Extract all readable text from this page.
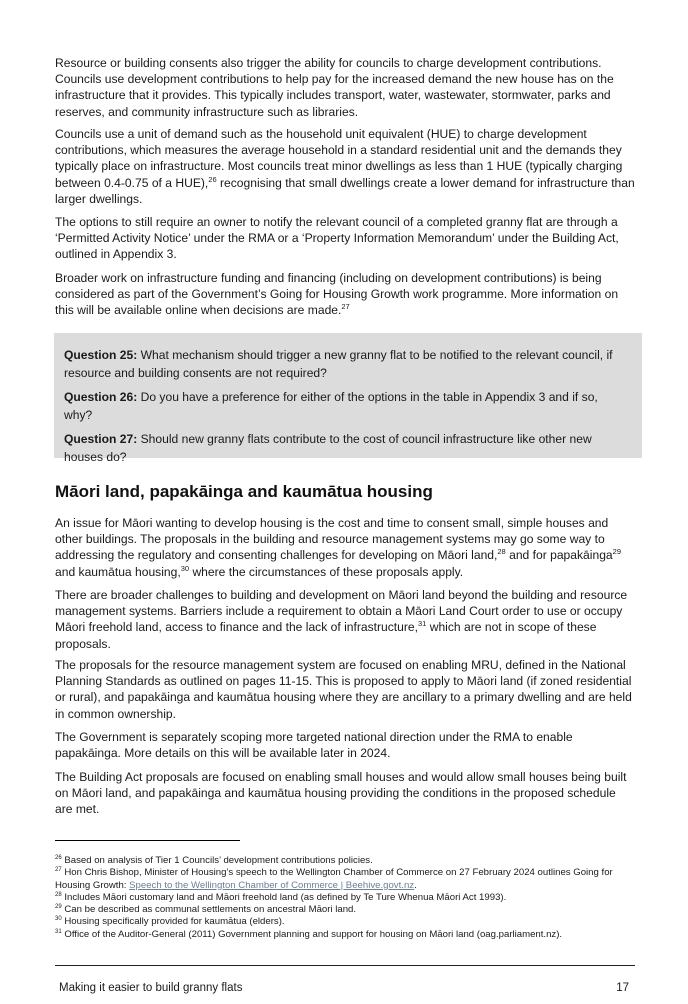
Resource or building consents also trigger the ability for councils to charge development contributions. Councils use development contributions to help pay for the increased demand the new house has on the infrastructure that it provides. This typically includes transport, water, wastewater, stormwater, parks and reserves, and community infrastructure such as libraries.

Councils use a unit of demand such as the household unit equivalent (HUE) to charge development contributions, which measures the average household in a standard residential unit and the demands they typically place on infrastructure. Most councils treat minor dwellings as less than 1 HUE (typically charging between 0.4-0.75 of a HUE),$^{26}$ recognising that small dwellings create a lower demand for infrastructure than larger dwellings.

The options to still require an owner to notify the relevant council of a completed granny flat are through a ‘Permitted Activity Notice’ under the RMA or a ‘Property Information Memorandum’ under the Building Act, outlined in Appendix 3.

Broader work on infrastructure funding and financing (including on development contributions) is being considered as part of the Government’s Going for Housing Growth work programme. More information on this will be available online when decisions are made.$^{27}$

Question 25: What mechanism should trigger a new granny flat to be notified to the relevant council, if resource and building consents are not required?

Question 26: Do you have a preference for either of the options in the table in Appendix 3 and if so, why?

Question 27: Should new granny flats contribute to the cost of council infrastructure like other new houses do?

Māori land, papakāinga and kaumātua housing

An issue for Māori wanting to develop housing is the cost and time to consent small, simple houses and other buildings. The proposals in the building and resource management systems may go some way to addressing the regulatory and consenting challenges for developing on Māori land,$^{28}$ and for papakāinga$^{29}$ and kaumātua housing,$^{30}$ where the circumstances of these proposals apply.

There are broader challenges to building and development on Māori land beyond the building and resource management systems. Barriers include a requirement to obtain a Māori Land Court order to use or occupy Māori freehold land, access to finance and the lack of infrastructure,$^{31}$ which are not in scope of these proposals.

The proposals for the resource management system are focused on enabling MRU, defined in the National Planning Standards as outlined on pages 11-15. This is proposed to apply to Māori land (if zoned residential or rural), and papakāinga and kaumātua housing where they are ancillary to a primary dwelling and are held in common ownership.

The Government is separately scoping more targeted national direction under the RMA to enable papakāinga. More details on this will be available later in 2024.

The Building Act proposals are focused on enabling small houses and would allow small houses being built on Māori land, and papakāinga and kaumātua housing providing the conditions in the proposed schedule are met.

$^{26}$ Based on analysis of Tier 1 Councils’ development contributions policies.
$^{27}$ Hon Chris Bishop, Minister of Housing’s speech to the Wellington Chamber of Commerce on 27 February 2024 outlines Going for Housing Growth: Speech to the Wellington Chamber of Commerce | Beehive.govt.nz.
$^{28}$ Includes Māori customary land and Māori freehold land (as defined by Te Ture Whenua Māori Act 1993).
$^{29}$ Can be described as communal settlements on ancestral Māori land.
$^{30}$ Housing specifically provided for kaumātua (elders).
$^{31}$ Office of the Auditor-General (2011) Government planning and support for housing on Māori land (oag.parliament.nz).
Making it easier to build granny flats	17
